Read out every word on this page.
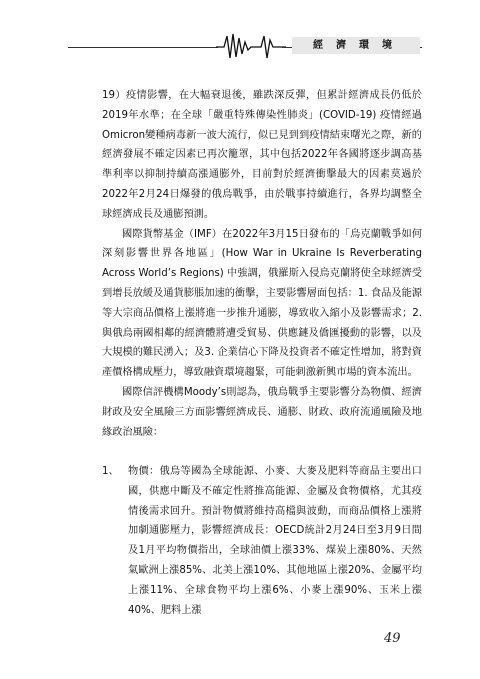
經濟環境

19）疫情影響，在大幅衰退後，雖跌深反彈，但累計經濟成長仍低於2019年水準；在全球「嚴重特殊傳染性肺炎」(COVID-19) 疫情經過Omicron變種病毒新一波大流行，似已見到到疫情結束曙光之際，新的經濟發展不確定因素已再次籠罩，其中包括2022年各國將逐步調高基準利率以抑制持續高漲通膨外，目前對於經濟衝擊最大的因素莫過於2022年2月24日爆發的俄烏戰爭，由於戰事持續進行，各界均調整全球經濟成長及通膨預測。

國際貨幣基金（IMF）在2022年3月15日發布的「烏克蘭戰爭如何深刻影響世界各地區」(How War in Ukraine Is Reverberating Across World’s Regions) 中強調，俄羅斯入侵烏克蘭將使全球經濟受到增長放緩及通貨膨脹加速的衝擊，主要影響層面包括：1. 食品及能源等大宗商品價格上漲將進一步推升通膨，導致收入縮小及影響需求；2. 與俄烏兩國相鄰的經濟體將遭受貿易、供應鏈及僑匯擾動的影響，以及大規模的難民湧入；及3. 企業信心下降及投資者不確定性增加，將對資產價格構成壓力，導致融資環境趨緊，可能刺激新興市場的資本流出。

國際信評機構Moody’s則認為，俄烏戰爭主要影響分為物價、經濟財政及安全風險三方面影響經濟成長、通膨、財政、政府流通風險及地緣政治風險：

1、 物價：俄烏等國為全球能源、小麥、大麥及肥料等商品主要出口國，供應中斷及不確定性將推高能源、金屬及食物價格，尤其疫情後需求回升。預計物價將維持高檔與波動，而商品價格上漲將加劇通膨壓力，影響經濟成長：OECD統計2月24日至3月9日間及1月平均物價指出，全球油價上漲33%、煤炭上漲80%、天然氣歐洲上漲85%、北美上漲10%、其他地區上漲20%、金屬平均上漲11%、全球食物平均上漲6%、小麥上漲90%、玉米上漲40%、肥料上漲

49
